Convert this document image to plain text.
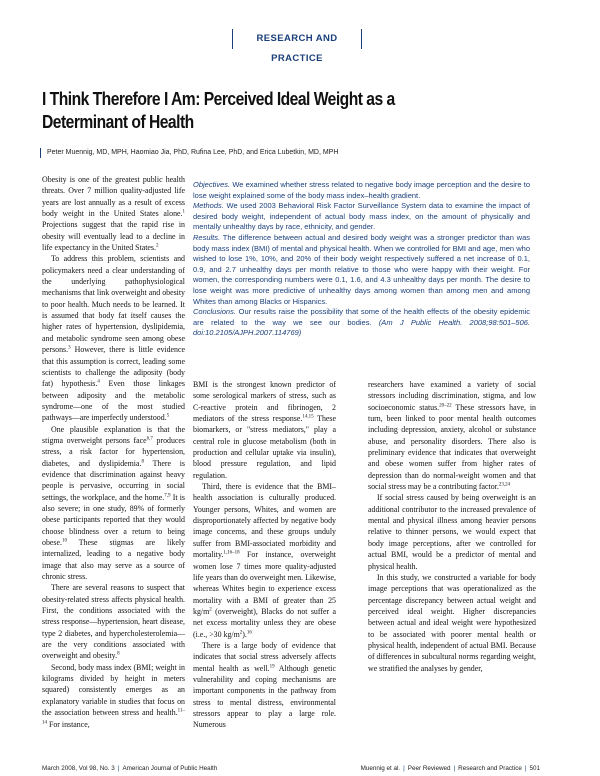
RESEARCH AND PRACTICE
I Think Therefore I Am: Perceived Ideal Weight as a
Determinant of Health
Peter Muennig, MD, MPH, Haomiao Jia, PhD, Rufina Lee, PhD, and Erica Lubetkin, MD, MPH

Obesity is one of the greatest public health threats. Over 7 million quality-adjusted life years are lost annually as a result of excess body weight in the United States alone.$^1$ Projections suggest that the rapid rise in obesity will eventually lead to a decline in life expectancy in the United States.$^2$

To address this problem, scientists and policymakers need a clear understanding of the underlying pathophysiological mechanisms that link overweight and obesity to poor health. Much needs to be learned. It is assumed that body fat itself causes the higher rates of hypertension, dyslipidemia, and metabolic syndrome seen among obese persons.$^3$ However, there is little evidence that this assumption is correct, leading some scientists to challenge the adiposity (body fat) hypothesis.$^4$ Even those linkages between adiposity and the metabolic syndrome—one of the most studied pathways—are imperfectly understood.$^5$

One plausible explanation is that the stigma overweight persons face$^{6,7}$ produces stress, a risk factor for hypertension, diabetes, and dyslipidemia.$^8$ There is evidence that discrimination against heavy people is pervasive, occurring in social settings, the workplace, and the home.$^{7,9}$ It is also severe; in one study, 89% of formerly obese participants reported that they would choose blindness over a return to being obese.$^{10}$ These stigmas are likely internalized, leading to a negative body image that also may serve as a source of chronic stress.

There are several reasons to suspect that obesity-related stress affects physical health. First, the conditions associated with the stress response—hypertension, heart disease, type 2 diabetes, and hypercholesterolemia—are the very conditions associated with overweight and obesity.$^8$

Second, body mass index (BMI; weight in kilograms divided by height in meters squared) consistently emerges as an explanatory variable in studies that focus on the association between stress and health.$^{11-14}$ For instance,

Objectives. We examined whether stress related to negative body image perception and the desire to lose weight explained some of the body mass index–health gradient.

Methods. We used 2003 Behavioral Risk Factor Surveillance System data to examine the impact of desired body weight, independent of actual body mass index, on the amount of physically and mentally unhealthy days by race, ethnicity, and gender.

Results. The difference between actual and desired body weight was a stronger predictor than was body mass index (BMI) of mental and physical health. When we controlled for BMI and age, men who wished to lose 1%, 10%, and 20% of their body weight respectively suffered a net increase of 0.1, 0.9, and 2.7 unhealthy days per month relative to those who were happy with their weight. For women, the corresponding numbers were 0.1, 1.6, and 4.3 unhealthy days per month. The desire to lose weight was more predictive of unhealthy days among women than among men and among Whites than among Blacks or Hispanics.

Conclusions. Our results raise the possibility that some of the health effects of the obesity epidemic are related to the way we see our bodies. (Am J Public Health. 2008;98:501–506. doi:10.2105/AJPH.2007.114769)

BMI is the strongest known predictor of some serological markers of stress, such as C-reactive protein and fibrinogen, 2 mediators of the stress response.$^{14,15}$ These biomarkers, or "stress mediators," play a central role in glucose metabolism (both in production and cellular uptake via insulin), blood pressure regulation, and lipid regulation.

Third, there is evidence that the BMI–health association is culturally produced. Younger persons, Whites, and women are disproportionately affected by negative body image concerns, and these groups unduly suffer from BMI-associated morbidity and mortality.$^{1,16-18}$ For instance, overweight women lose 7 times more quality-adjusted life years than do overweight men. Likewise, whereas Whites begin to experience excess mortality with a BMI of greater than 25 $kg/m^2$ (overweight), Blacks do not suffer a net excess mortality unless they are obese (i.e., >30 $kg/m^2).^{16}$

There is a large body of evidence that indicates that social stress adversely affects mental health as well.$^{19}$ Although genetic vulnerability and coping mechanisms are important components in the pathway from stress to mental distress, environmental stressors appear to play a large role. Numerous

researchers have examined a variety of social stressors including discrimination, stigma, and low socioeconomic status.$^{20-22}$ These stressors have, in turn, been linked to poor mental health outcomes including depression, anxiety, alcohol or substance abuse, and personality disorders. There also is preliminary evidence that indicates that overweight and obese women suffer from higher rates of depression than do normal-weight women and that social stress may be a contributing factor.$^{23,24}$

If social stress caused by being overweight is an additional contributor to the increased prevalence of mental and physical illness among heavier persons relative to thinner persons, we would expect that body image perceptions, after we controlled for actual BMI, would be a predictor of mental and physical health.

In this study, we constructed a variable for body image perceptions that was operationalized as the percentage discrepancy between actual weight and perceived ideal weight. Higher discrepancies between actual and ideal weight were hypothesized to be associated with poorer mental health or physical health, independent of actual BMI. Because of differences in subcultural norms regarding weight, we stratified the analyses by gender,

March 2008, Vol 98, No. 3 | American Journal of Public Health	Muennig et al. | Peer Reviewed | Research and Practice | 501
